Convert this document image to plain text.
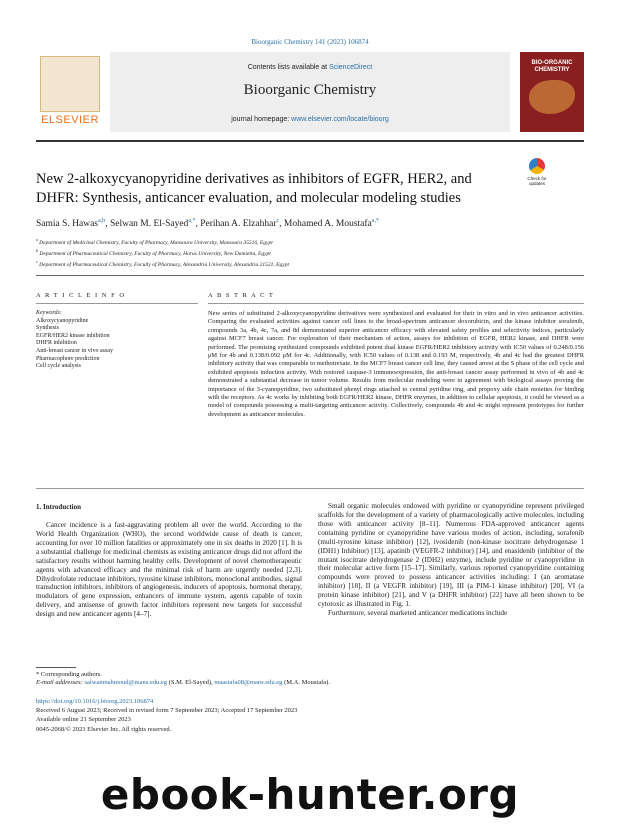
Bioorganic Chemistry 141 (2023) 106874
ELSEVIER
Contents lists available at ScienceDirect
Bioorganic Chemistry
journal homepage: www.elsevier.com/locate/bioorg
BIO-ORGANIC
CHEMISTRY
New 2-alkoxycyanopyridine derivatives as inhibitors of EGFR, HER2, and DHFR: Synthesis, anticancer evaluation, and molecular modeling studies
Check for
updates
Samia S. Hawas$^{a,b}$, Selwan M. El-Sayed$^{a,*}$, Perihan A. Elzahhar$^c$, Mohamed A. Moustafa$^{a,*}$
$^a$ Department of Medicinal Chemistry, Faculty of Pharmacy, Mansoura University, Mansoura 35516, Egypt
$^b$ Department of Pharmaceutical Chemistry, Faculty of Pharmacy, Horus University, New Damietta, Egypt
$^c$ Department of Pharmaceutical Chemistry, Faculty of Pharmacy, Alexandria University, Alexandria 21521, Egypt
A R T I C L E I N F O	A B S T R A C T
Keywords:
Alkoxycyanopyridine
Synthesis
EGFR/HER2 kinase inhibition
DHFR inhibition
Anti-breast cancer in vivo assay
Pharmacophore prediction
Cell cycle analysis
New series of substituted 2-alkoxycyanopyridine derivatives were synthesized and evaluated for their in vitro and in vivo anticancer activities. Comparing the evaluated activities against cancer cell lines to the broad-spectrum anticancer doxorubicin, and the kinase inhibitor sorafenib, compounds 3a, 4b, 4c, 7a, and 8d demonstrated superior anticancer efficacy with elevated safety profiles and selectivity indices, particularly against MCF7 breast cancer. For exploration of their mechanism of action, assays for inhibition of EGFR, HER2 kinase, and DHFR were performed. The promising synthesized compounds exhibited potent dual kinase EGFR/HER2 inhibitory activity with IC50 values of 0.248/0.156 μM for 4b and 0.138/0.092 μM for 4c. Additionally, with IC50 values of 0.138 and 0.193 M, respectively, 4b and 4c had the greatest DHFR inhibitory activity that was comparable to methotrexate. In the MCF7 breast cancer cell line, they caused arrest at the S phase of the cell cycle and exhibited apoptosis induction activity. With restored caspase-3 immunoexpression, the anti-breast cancer assay performed in vivo of 4b and 4c demonstrated a substantial decrease in tumor volume. Results from molecular modeling were in agreement with biological assays proving the importance of the 3-cyanopyridine, two substituted phenyl rings attached to central pyridine ring, and propoxy side chain moieties for binding with the receptors. As 4c works by inhibiting both EGFR/HER2 kinase, DHFR enzymes, in addition to cellular apoptosis, it could be viewed as a model of compounds possessing a multi-targeting anticancer activity. Collectively, compounds 4b and 4c might represent prototypes for further development as anticancer molecules.
1. Introduction

Cancer incidence is a fast-aggravating problem all over the world. According to the World Health Organization (WHO), the second worldwide cause of death is cancer, accounting for over 10 million fatalities or approximately one in six deaths in 2020 [1]. It is a substantial challenge for medicinal chemists as existing anticancer drugs did not afford the satisfactory results without harming healthy cells. Development of novel chemotherapeutic agents with advanced efficacy and the minimal risk of harm are urgently needed [2,3]. Dihydrofolate reductase inhibitors, tyrosine kinase inhibitors, monoclonal antibodies, signal transduction inhibitors, inhibitors of angiogenesis, inducers of apoptosis, hormonal therapy, modulators of gene expression, enhancers of immune system, agents capable of toxin delivery, and antisense of growth factor inhibitors represent new targets for successful design and new anticancer agents [4–7].

Small organic molecules endowed with pyridine or cyanopyridine represent privileged scaffolds for the development of a variety of pharmacologically active molecules, including those with anticancer activity [8–11]. Numerous FDA-approved anticancer agents containing pyridine or cyanopyridine have various modes of action, including, sorafenib (multi-tyrosine kinase inhibitor) [12], ivosidenib (non-kinase isocitrate dehydrogenase 1 (IDH1) Inhibitor) [13], apatinib (VEGFR-2 inhibitor) [14], and enasidenib (inhibitor of the mutant isocitrate dehydrogenase 2 (IDH2) enzyme), include pyridine or cyanopyridine in their molecular active form [15–17]. Similarly, various reported cyanopyridine containing compounds were proved to possess anticancer activities including: I (an aromatase inhibitor) [18], II (a VEGFR inhibitor) [19], III (a PIM-1 kinase inhibitor) [20], VI (a protein kinase inhibitor) [21], and V (a DHFR inhibitor) [22] have all been shown to be cytotoxic as illustrated in Fig. 1.

Furthermore, several marketed anticancer medications include

* Corresponding authors.
E-mail addresses: salwanmahmoud@mans.edu.eg (S.M. El-Sayed), maastafa08@mans.edu.eg (M.A. Moustafa).
https://doi.org/10.1016/j.bioorg.2023.106874
Received 6 August 2023; Received in revised form 7 September 2023; Accepted 17 September 2023
Available online 21 September 2023
0045-2068/© 2023 Elsevier Inc. All rights reserved.
ebook-hunter.org
